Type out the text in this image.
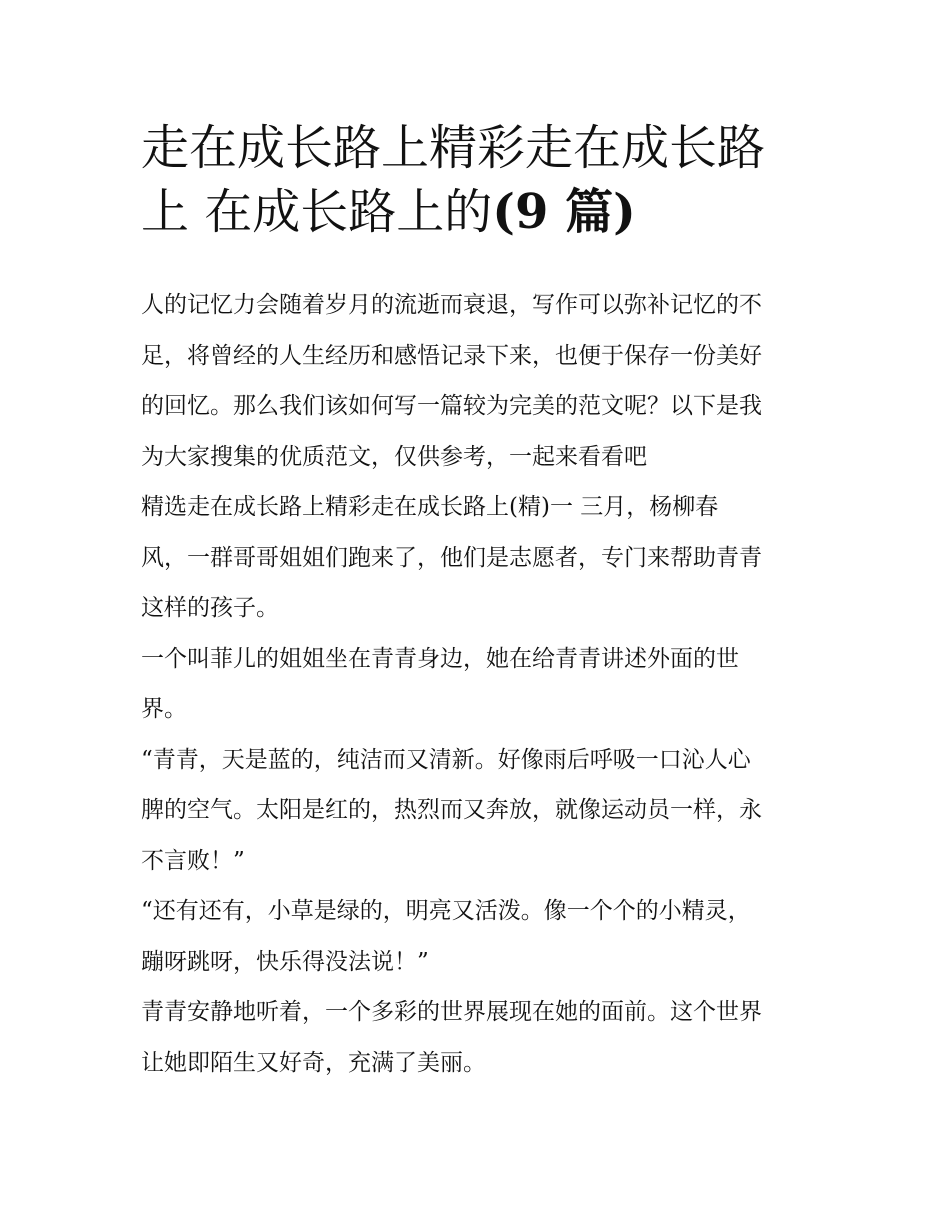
走在成长路上精彩走在成长路
上 在成长路上的(9 篇)
人的记忆力会随着岁月的流逝而衰退，写作可以弥补记忆的不
足，将曾经的人生经历和感悟记录下来，也便于保存一份美好
的回忆。那么我们该如何写一篇较为完美的范文呢？以下是我
为大家搜集的优质范文，仅供参考，一起来看看吧
精选走在成长路上精彩走在成长路上(精)一 三月，杨柳春
风，一群哥哥姐姐们跑来了，他们是志愿者，专门来帮助青青
这样的孩子。
一个叫菲儿的姐姐坐在青青身边，她在给青青讲述外面的世
界。
“青青，天是蓝的，纯洁而又清新。好像雨后呼吸一口沁人心
脾的空气。太阳是红的，热烈而又奔放，就像运动员一样，永
不言败！”
“还有还有，小草是绿的，明亮又活泼。像一个个的小精灵，
蹦呀跳呀，快乐得没法说！”
青青安静地听着，一个多彩的世界展现在她的面前。这个世界
让她即陌生又好奇，充满了美丽。
